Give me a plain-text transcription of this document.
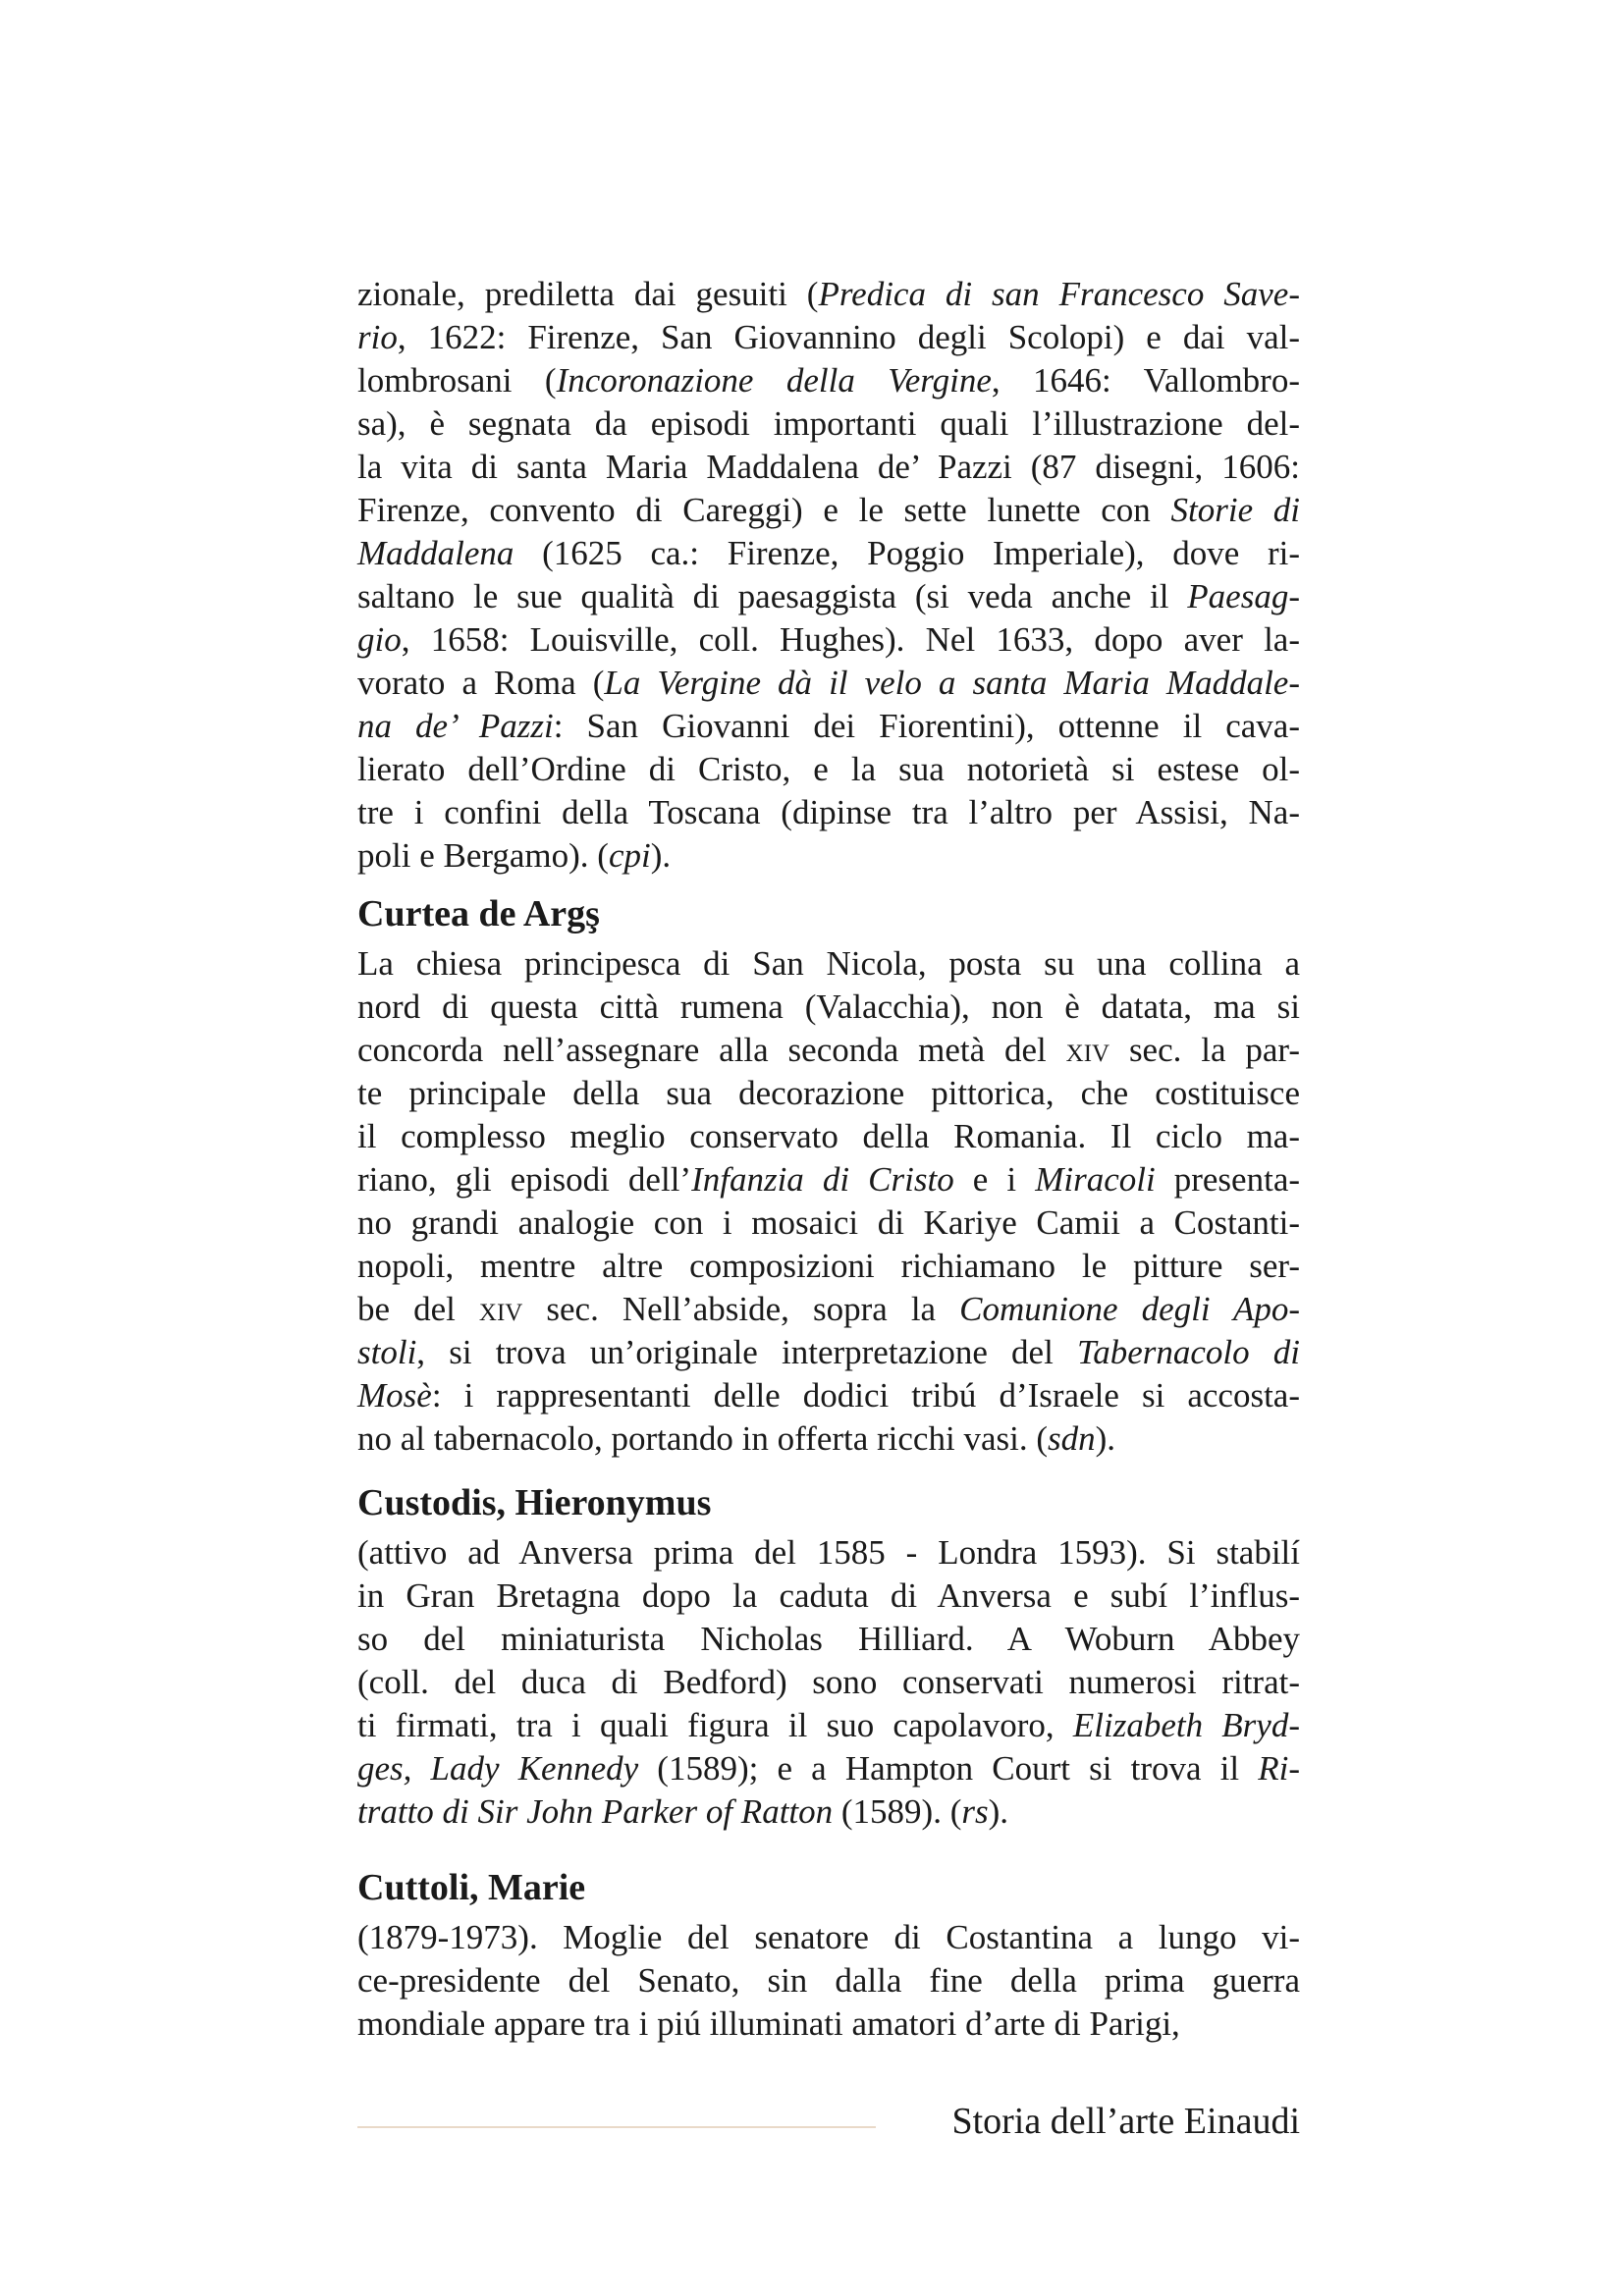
zionale, prediletta dai gesuiti (Predica di san Francesco Save-
rio, 1622: Firenze, San Giovannino degli Scolopi) e dai val-
lombrosani (Incoronazione della Vergine, 1646: Vallombro-
sa), è segnata da episodi importanti quali l’illustrazione del-
la vita di santa Maria Maddalena de’ Pazzi (87 disegni, 1606:
Firenze, convento di Careggi) e le sette lunette con Storie di
Maddalena (1625 ca.: Firenze, Poggio Imperiale), dove ri-
saltano le sue qualità di paesaggista (si veda anche il Paesag-
gio, 1658: Louisville, coll. Hughes). Nel 1633, dopo aver la-
vorato a Roma (La Vergine dà il velo a santa Maria Maddale-
na de’ Pazzi: San Giovanni dei Fiorentini), ottenne il cava-
lierato dell’Ordine di Cristo, e la sua notorietà si estese ol-
tre i confini della Toscana (dipinse tra l’altro per Assisi, Na-
poli e Bergamo). (cpi).
Curtea de Argş
La chiesa principesca di San Nicola, posta su una collina a
nord di questa città rumena (Valacchia), non è datata, ma si
concorda nell’assegnare alla seconda metà del xiv sec. la par-
te principale della sua decorazione pittorica, che costituisce
il complesso meglio conservato della Romania. Il ciclo ma-
riano, gli episodi dell’Infanzia di Cristo e i Miracoli presenta-
no grandi analogie con i mosaici di Kariye Camii a Costanti-
nopoli, mentre altre composizioni richiamano le pitture ser-
be del xiv sec. Nell’abside, sopra la Comunione degli Apo-
stoli, si trova un’originale interpretazione del Tabernacolo di
Mosè: i rappresentanti delle dodici tribú d’Israele si accosta-
no al tabernacolo, portando in offerta ricchi vasi. (sdn).
Custodis, Hieronymus
(attivo ad Anversa prima del 1585 - Londra 1593). Si stabilí
in Gran Bretagna dopo la caduta di Anversa e subí l’influs-
so del miniaturista Nicholas Hilliard. A Woburn Abbey
(coll. del duca di Bedford) sono conservati numerosi ritrat-
ti firmati, tra i quali figura il suo capolavoro, Elizabeth Bryd-
ges, Lady Kennedy (1589); e a Hampton Court si trova il Ri-
tratto di Sir John Parker of Ratton (1589). (rs).
Cuttoli, Marie
(1879-1973). Moglie del senatore di Costantina a lungo vi-
ce-presidente del Senato, sin dalla fine della prima guerra
mondiale appare tra i piú illuminati amatori d’arte di Parigi,
Storia dell’arte Einaudi
